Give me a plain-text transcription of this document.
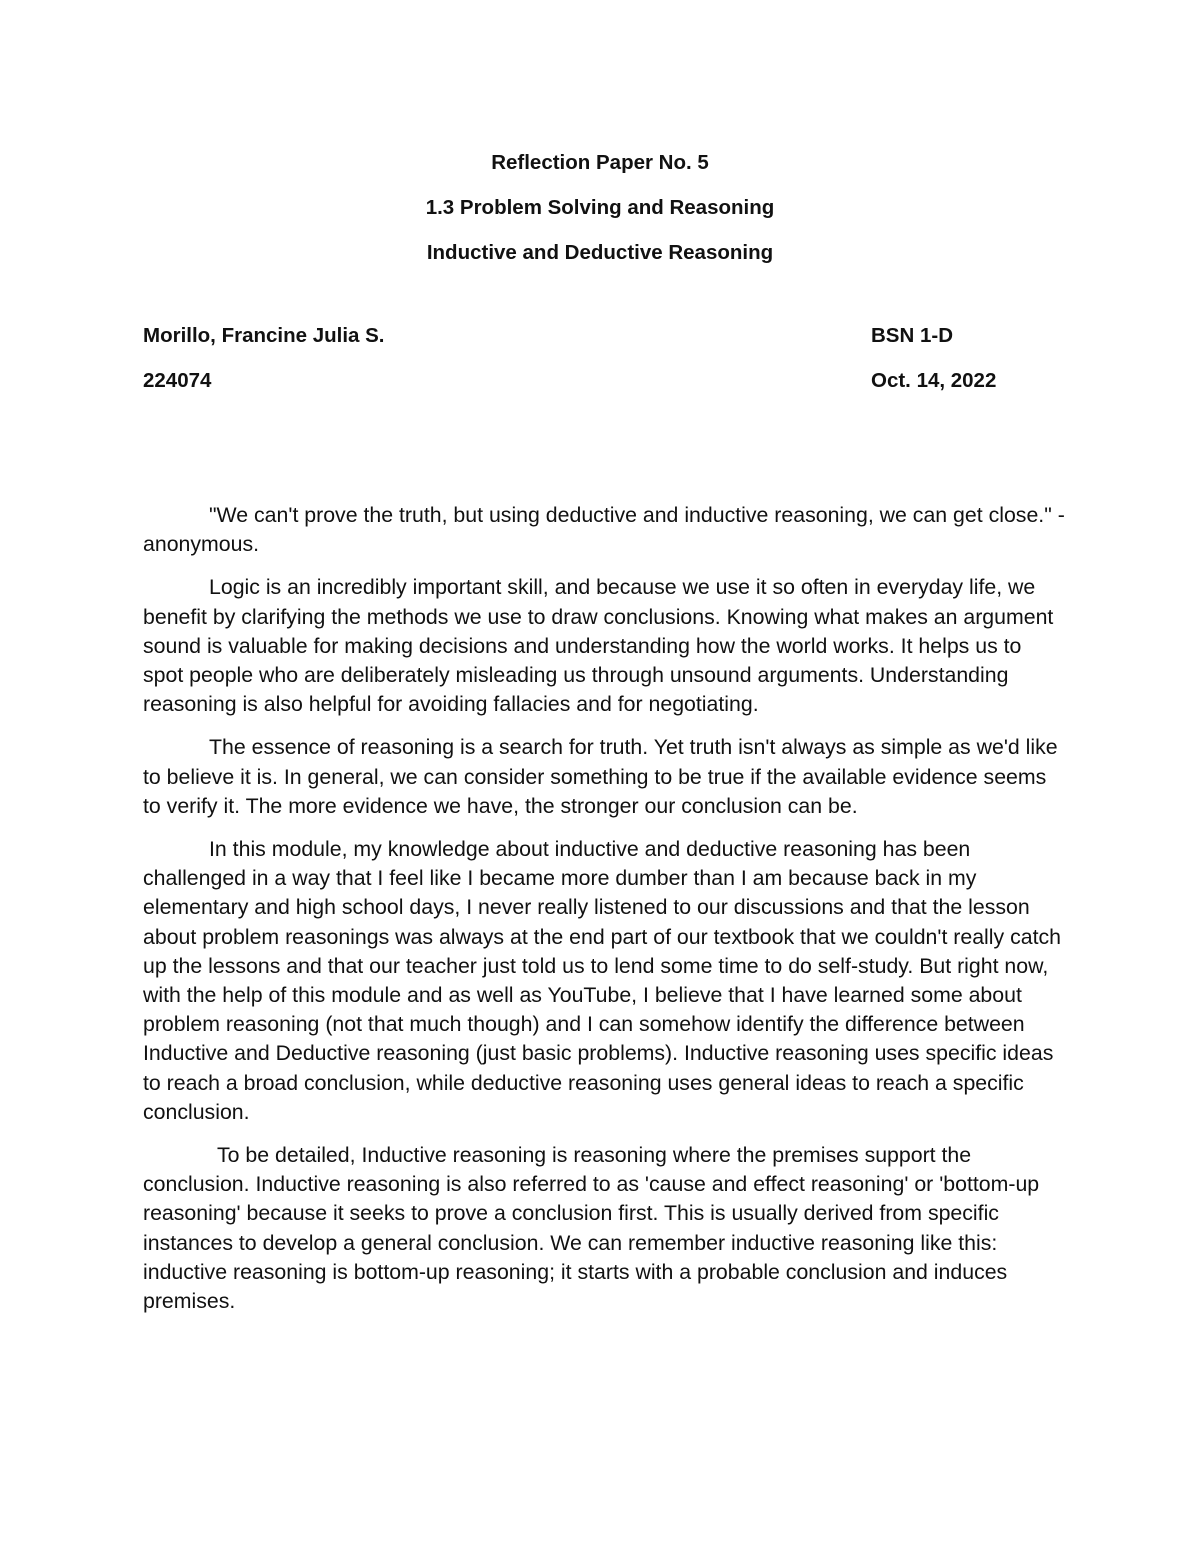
Reflection Paper No. 5
1.3 Problem Solving and Reasoning
Inductive and Deductive Reasoning
Morillo, Francine Julia S.	BSN 1-D
224074	Oct. 14, 2022

"We can't prove the truth, but using deductive and inductive reasoning, we can get close." - anonymous.

Logic is an incredibly important skill, and because we use it so often in everyday life, we benefit by clarifying the methods we use to draw conclusions. Knowing what makes an argument sound is valuable for making decisions and understanding how the world works. It helps us to spot people who are deliberately misleading us through unsound arguments. Understanding reasoning is also helpful for avoiding fallacies and for negotiating.

The essence of reasoning is a search for truth. Yet truth isn't always as simple as we'd like to believe it is. In general, we can consider something to be true if the available evidence seems to verify it. The more evidence we have, the stronger our conclusion can be.

In this module, my knowledge about inductive and deductive reasoning has been challenged in a way that I feel like I became more dumber than I am because back in my elementary and high school days, I never really listened to our discussions and that the lesson about problem reasonings was always at the end part of our textbook that we couldn't really catch up the lessons and that our teacher just told us to lend some time to do self-study. But right now, with the help of this module and as well as YouTube, I believe that I have learned some about problem reasoning (not that much though) and I can somehow identify the difference between Inductive and Deductive reasoning (just basic problems). Inductive reasoning uses specific ideas to reach a broad conclusion, while deductive reasoning uses general ideas to reach a specific conclusion.

To be detailed, Inductive reasoning is reasoning where the premises support the conclusion. Inductive reasoning is also referred to as 'cause and effect reasoning' or 'bottom-up reasoning' because it seeks to prove a conclusion first. This is usually derived from specific instances to develop a general conclusion. We can remember inductive reasoning like this: inductive reasoning is bottom-up reasoning; it starts with a probable conclusion and induces premises.
